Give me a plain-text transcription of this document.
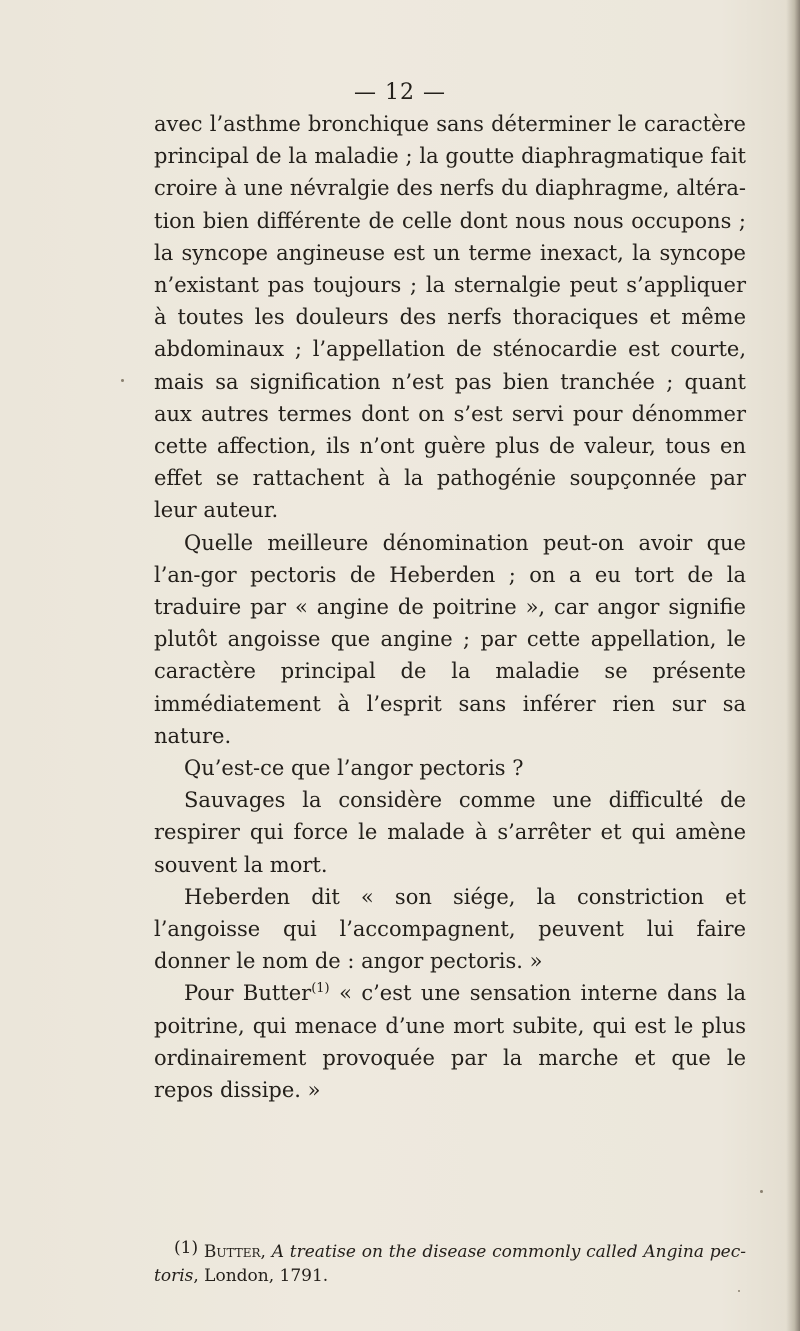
— 12 —

avec l’asthme bronchique sans déterminer le caractère principal de la maladie ; la goutte diaphragmatique fait croire à une névralgie des nerfs du diaphragme, altéra-tion bien différente de celle dont nous nous occupons ; la syncope angineuse est un terme inexact, la syncope n’existant pas toujours ; la sternalgie peut s’appliquer à toutes les douleurs des nerfs thoraciques et même abdominaux ; l’appellation de sténocardie est courte, mais sa signification n’est pas bien tranchée ; quant aux autres termes dont on s’est servi pour dénommer cette affection, ils n’ont guère plus de valeur, tous en effet se rattachent à la pathogénie soupçonnée par leur auteur.

Quelle meilleure dénomination peut-on avoir que l’an-gor pectoris de Heberden ; on a eu tort de la traduire par « angine de poitrine », car angor signifie plutôt angoisse que angine ; par cette appellation, le caractère principal de la maladie se présente immédiatement à l’esprit sans inférer rien sur sa nature.

Qu’est-ce que l’angor pectoris ?

Sauvages la considère comme une difficulté de respirer qui force le malade à s’arrêter et qui amène souvent la mort.

Heberden dit « son siége, la constriction et l’angoisse qui l’accompagnent, peuvent lui faire donner le nom de : angor pectoris. »

Pour Butter$^{(1)}$ « c’est une sensation interne dans la poitrine, qui menace d’une mort subite, qui est le plus ordinairement provoquée par la marche et que le repos dissipe. »

(1) Butter, A treatise on the disease commonly called Angina pec-toris, London, 1791.
